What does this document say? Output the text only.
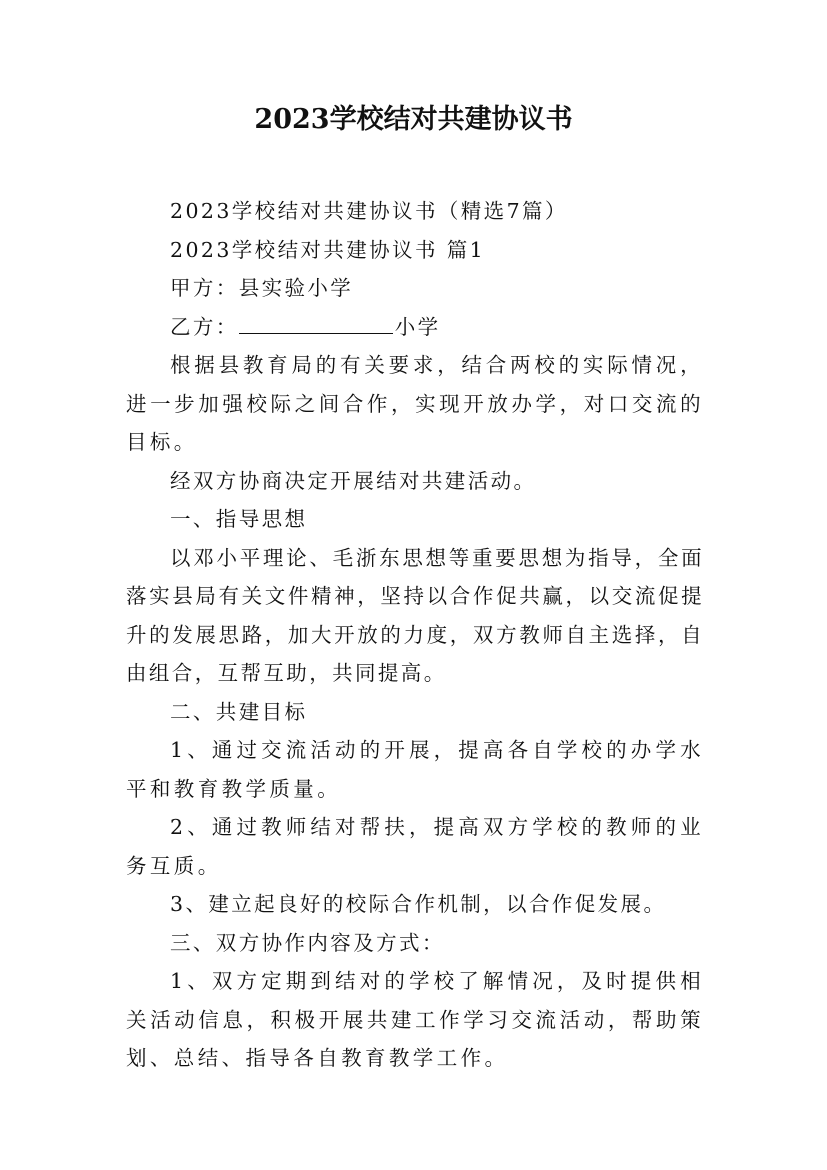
2023学校结对共建协议书

2023学校结对共建协议书（精选7篇）

2023学校结对共建协议书 篇1

甲方：县实验小学

乙方：	小学

根据县教育局的有关要求，结合两校的实际情况，进一步加强校际之间合作，实现开放办学，对口交流的目标。

经双方协商决定开展结对共建活动。

一、指导思想

以邓小平理论、毛浙东思想等重要思想为指导，全面落实县局有关文件精神，坚持以合作促共赢，以交流促提升的发展思路，加大开放的力度，双方教师自主选择，自由组合，互帮互助，共同提高。

二、共建目标

1、通过交流活动的开展，提高各自学校的办学水平和教育教学质量。

2、通过教师结对帮扶，提高双方学校的教师的业务互质。

3、建立起良好的校际合作机制，以合作促发展。

三、双方协作内容及方式：

1、双方定期到结对的学校了解情况，及时提供相关活动信息，积极开展共建工作学习交流活动，帮助策划、总结、指导各自教育教学工作。
